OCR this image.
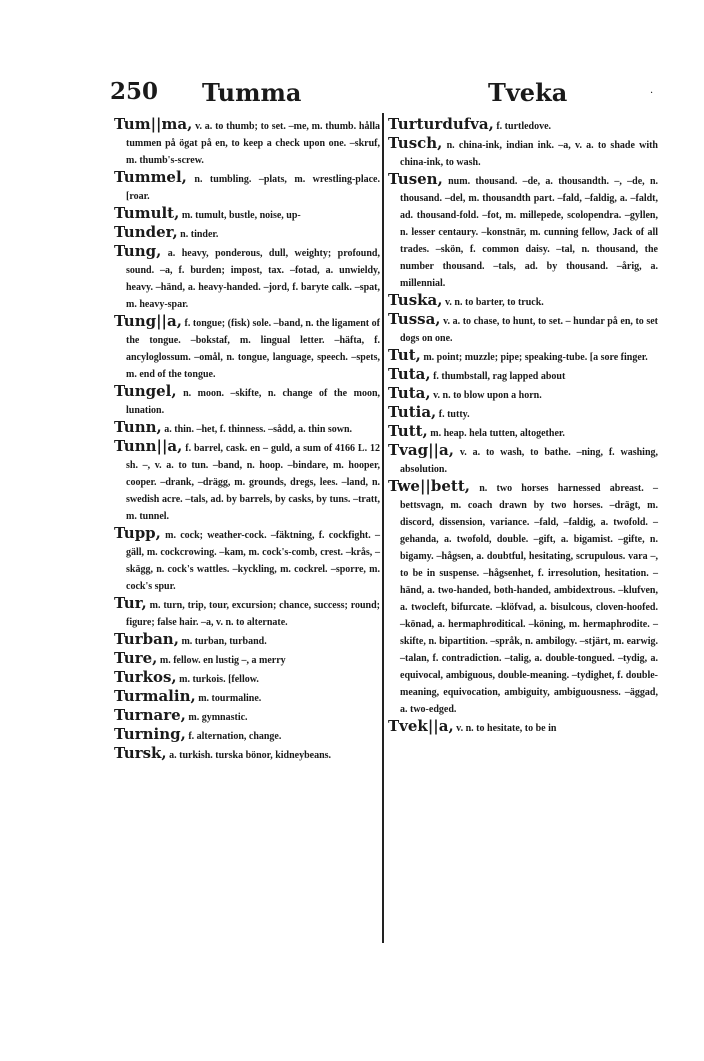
250 Tumma	Tveka	·

Tum||ma, v. a. to thumb; to set. –me, m. thumb. hålla tummen på ögat på en, to keep a check upon one. –skruf, m. thumb's-screw.

Tummel, n. tumbling. –plats, m. wrestling-place. [roar.

Tumult, m. tumult, bustle, noise, up-

Tunder, n. tinder.

Tung, a. heavy, ponderous, dull, weighty; profound, sound. –a, f. burden; impost, tax. –fotad, a. unwieldy, heavy. –händ, a. heavy-handed. –jord, f. baryte calk. –spat, m. heavy-spar.

Tung||a, f. tongue; (fisk) sole. –band, n. the ligament of the tongue. –bokstaf, m. lingual letter. –häfta, f. ancyloglossum. –omål, n. tongue, language, speech. –spets, m. end of the tongue.

Tungel, n. moon. –skifte, n. change of the moon, lunation.

Tunn, a. thin. –het, f. thinness. –sådd, a. thin sown.

Tunn||a, f. barrel, cask. en – guld, a sum of 4166 L. 12 sh. –, v. a. to tun. –band, n. hoop. –bindare, m. hooper, cooper. –drank, –drägg, m. grounds, dregs, lees. –land, n. swedish acre. –tals, ad. by barrels, by casks, by tuns. –tratt, m. tunnel.

Tupp, m. cock; weather-cock. –fäktning, f. cockfight. –gäll, m. cockcrowing. –kam, m. cock's-comb, crest. –krås, –skägg, n. cock's wattles. –kyckling, m. cockrel. –sporre, m. cock's spur.

Tur, m. turn, trip, tour, excursion; chance, success; round; figure; false hair. –a, v. n. to alternate.

Turban, m. turban, turband.

Ture, m. fellow. en lustig –, a merry

Turkos, m. turkois. [fellow.

Turmalin, m. tourmaline.

Turnare, m. gymnastic.

Turning, f. alternation, change.

Tursk, a. turkish. turska bönor, kidneybeans.

Turturdufva, f. turtledove.

Tusch, n. china-ink, indian ink. –a, v. a. to shade with china-ink, to wash.

Tusen, num. thousand. –de, a. thousandth. –, –de, n. thousand. –del, m. thousandth part. –fald, –faldig, a. –faldt, ad. thousand-fold. –fot, m. millepede, scolopendra. –gyllen, n. lesser centaury. –konstnär, m. cunning fellow, Jack of all trades. –skön, f. common daisy. –tal, n. thousand, the number thousand. –tals, ad. by thousand. –årig, a. millennial.

Tuska, v. n. to barter, to truck.

Tussa, v. a. to chase, to hunt, to set. – hundar på en, to set dogs on one.

Tut, m. point; muzzle; pipe; speaking-tube. [a sore finger.

Tuta, f. thumbstall, rag lapped about

Tuta, v. n. to blow upon a horn.

Tutia, f. tutty.

Tutt, m. heap. hela tutten, altogether.

Tvag||a, v. a. to wash, to bathe. –ning, f. washing, absolution.

Twe||bett, n. two horses harnessed abreast. –bettsvagn, m. coach drawn by two horses. –drägt, m. discord, dissension, variance. –fald, –faldig, a. twofold. –gehanda, a. twofold, double. –gift, a. bigamist. –gifte, n. bigamy. –hågsen, a. doubtful, hesitating, scrupulous. vara –, to be in suspense. –hågsenhet, f. irresolution, hesitation. –händ, a. two-handed, both-handed, ambidextrous. –klufven, a. twocleft, bifurcate. –klöfvad, a. bisulcous, cloven-hoofed. –könad, a. hermaphroditical. –köning, m. hermaphrodite. –skifte, n. bipartition. –språk, n. ambilogy. –stjärt, m. earwig. –talan, f. contradiction. –talig, a. double-tongued. –tydig, a. equivocal, ambiguous, double-meaning. –tydighet, f. double-meaning, equivocation, ambiguity, ambiguousness. –äggad, a. two-edged.

Tvek||a, v. n. to hesitate, to be in
